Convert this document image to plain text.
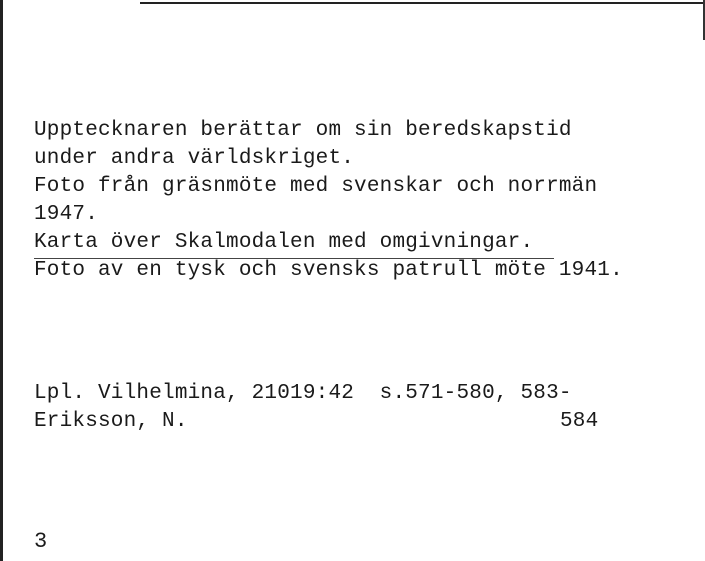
Upptecknaren berättar om sin beredskapstid
under andra världskriget.
Foto från gräsnmöte med svenskar och norrmän
1947.
Karta över Skalmodalen med omgivningar.
Foto av en tysk och svensks patrull möte 1941.
Lpl. Vilhelmina, 21019:42  s.571-580, 583-
Eriksson, N.	584
3
